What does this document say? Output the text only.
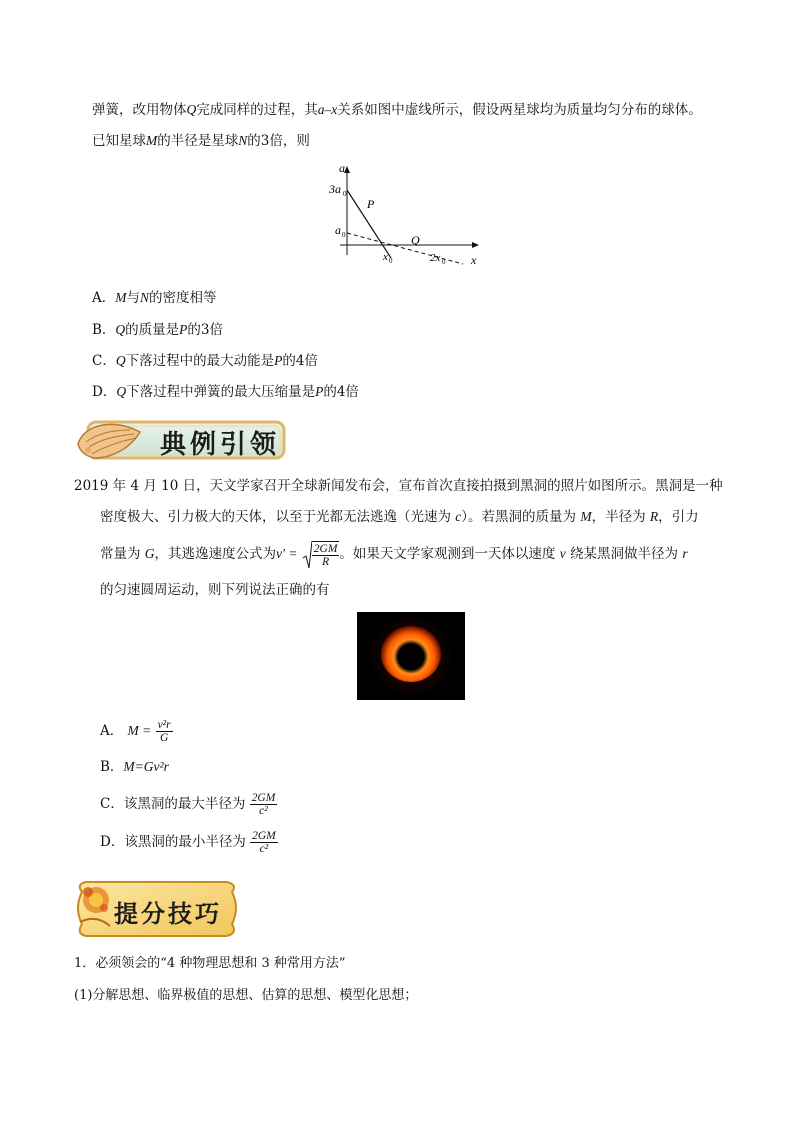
弹簧，改用物体Q完成同样的过程，其a–x关系如图中虚线所示，假设两星球均为质量均匀分布的球体。
已知星球M的半径是星球N的3倍，则
a
x
3a 0
a 0
P
Q
x 0	2x 0
A．M与N的密度相等
B．Q的质量是P的3倍
C．Q下落过程中的最大动能是P的4倍
D．Q下落过程中弹簧的最大压缩量是P的4倍
典例引领
2019 年 4 月 10 日，天文学家召开全球新闻发布会，宣布首次直接拍摄到黑洞的照片如图所示。黑洞是一种
密度极大、引力极大的天体，以至于光都无法逃逸（光速为 c）。若黑洞的质量为 M，半径为 R，引力
常量为 G，其逃逸速度公式为$v' = \frac{2GM}{R}$ 。如果天文学家观测到一天体以速度 v 绕某黑洞做半径为 r
的匀速圆周运动，则下列说法正确的有
A． $M = \frac{\text{v²r}}{G}$
B．M=Gv²r
C．该黑洞的最大半径为 $\frac{2GM}{\text{c²}}$
D．该黑洞的最小半径为 $\frac{2GM}{\text{c²}}$
提分技巧
1．必须领会的“4 种物理思想和 3 种常用方法”
(1)分解思想、临界极值的思想、估算的思想、模型化思想；
